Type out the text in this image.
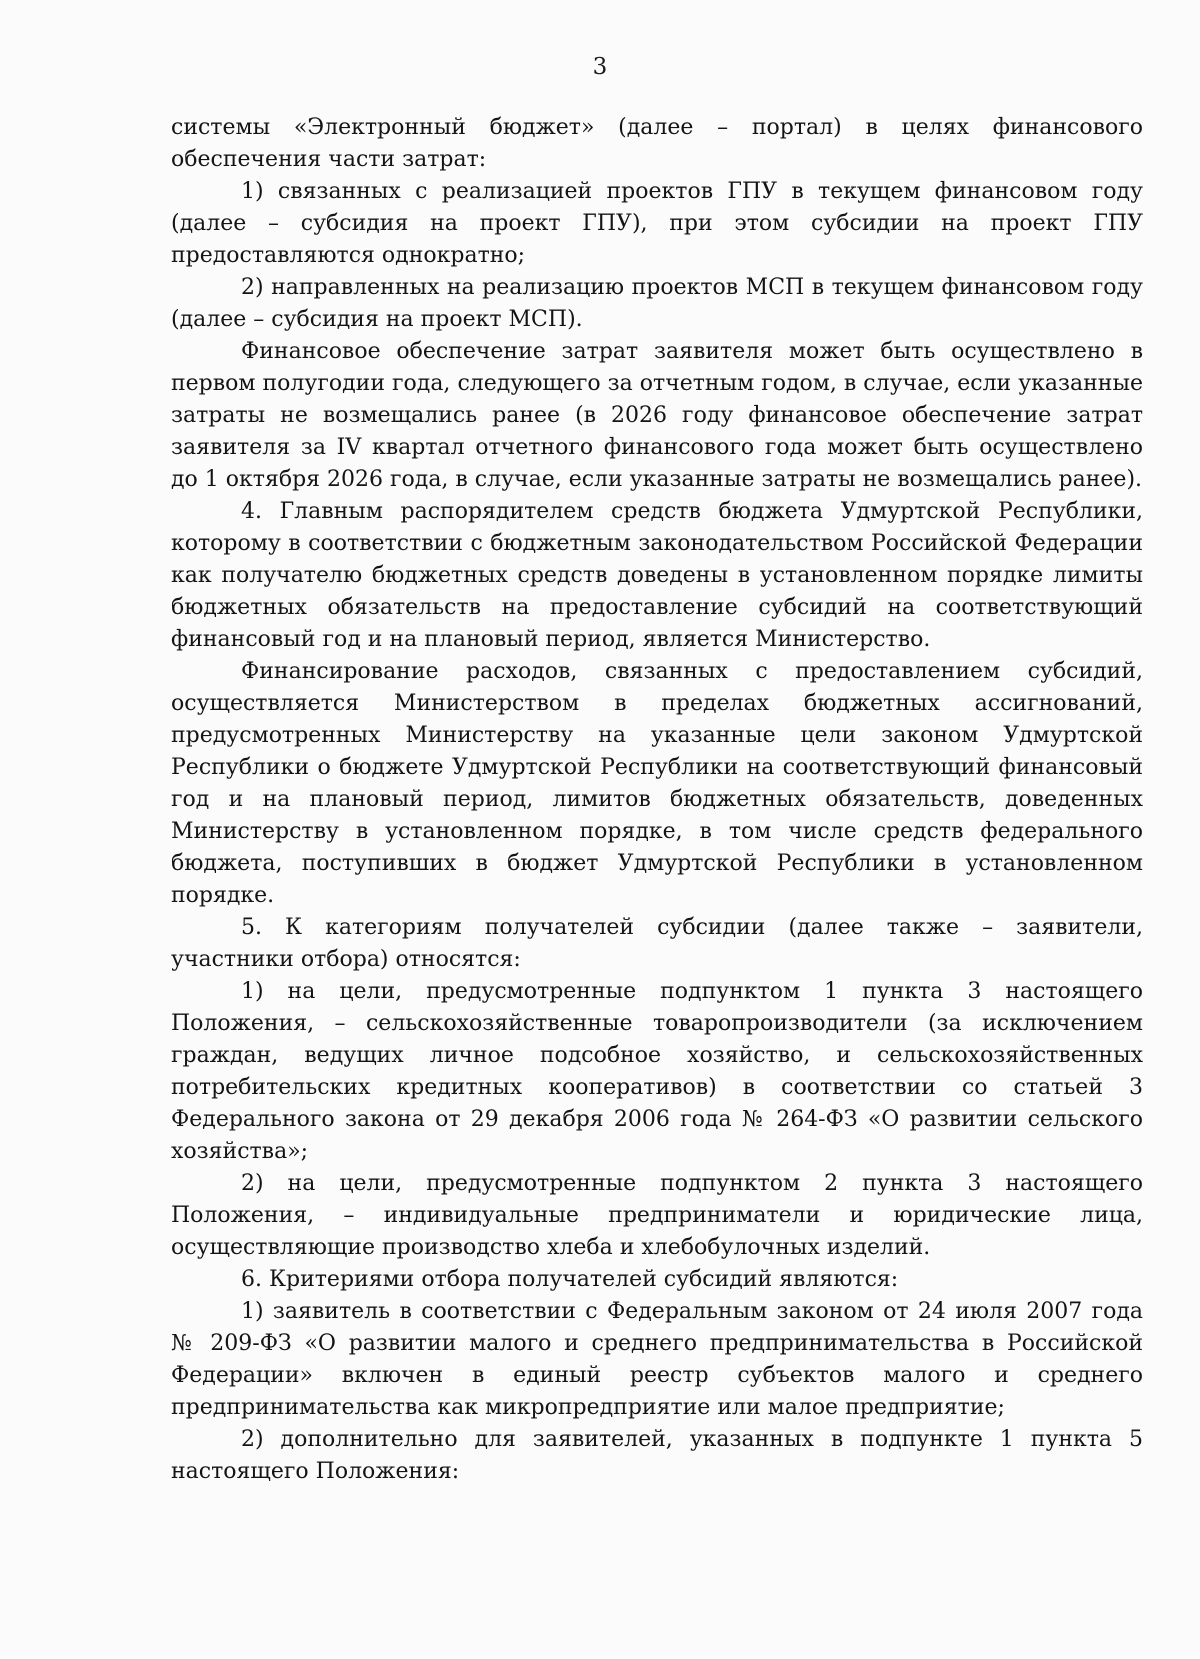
3

системы «Электронный бюджет» (далее – портал) в целях финансового обеспечения части затрат:

1) связанных с реализацией проектов ГПУ в текущем финансовом году (далее – субсидия на проект ГПУ), при этом субсидии на проект ГПУ предоставляются однократно;

2) направленных на реализацию проектов МСП в текущем финансовом году (далее – субсидия на проект МСП).

Финансовое обеспечение затрат заявителя может быть осуществлено в первом полугодии года, следующего за отчетным годом, в случае, если указанные затраты не возмещались ранее (в 2026 году финансовое обеспечение затрат заявителя за IV квартал отчетного финансового года может быть осуществлено до 1 октября 2026 года, в случае, если указанные затраты не возмещались ранее).

4. Главным распорядителем средств бюджета Удмуртской Республики, которому в соответствии с бюджетным законодательством Российской Федерации как получателю бюджетных средств доведены в установленном порядке лимиты бюджетных обязательств на предоставление субсидий на соответствующий финансовый год и на плановый период, является Министерство.

Финансирование расходов, связанных с предоставлением субсидий, осуществляется Министерством в пределах бюджетных ассигнований, предусмотренных Министерству на указанные цели законом Удмуртской Республики о бюджете Удмуртской Республики на соответствующий финансовый год и на плановый период, лимитов бюджетных обязательств, доведенных Министерству в установленном порядке, в том числе средств федерального бюджета, поступивших в бюджет Удмуртской Республики в установленном порядке.

5. К категориям получателей субсидии (далее также – заявители, участники отбора) относятся:

1) на цели, предусмотренные подпунктом 1 пункта 3 настоящего Положения, – сельскохозяйственные товаропроизводители (за исключением граждан, ведущих личное подсобное хозяйство, и сельскохозяйственных потребительских кредитных кооперативов) в соответствии со статьей 3 Федерального закона от 29 декабря 2006 года № 264-ФЗ «О развитии сельского хозяйства»;

2) на цели, предусмотренные подпунктом 2 пункта 3 настоящего Положения, – индивидуальные предприниматели и юридические лица, осуществляющие производство хлеба и хлебобулочных изделий.

6. Критериями отбора получателей субсидий являются:

1) заявитель в соответствии с Федеральным законом от 24 июля 2007 года № 209-ФЗ «О развитии малого и среднего предпринимательства в Российской Федерации» включен в единый реестр субъектов малого и среднего предпринимательства как микропредприятие или малое предприятие;

2) дополнительно для заявителей, указанных в подпункте 1 пункта 5 настоящего Положения:
